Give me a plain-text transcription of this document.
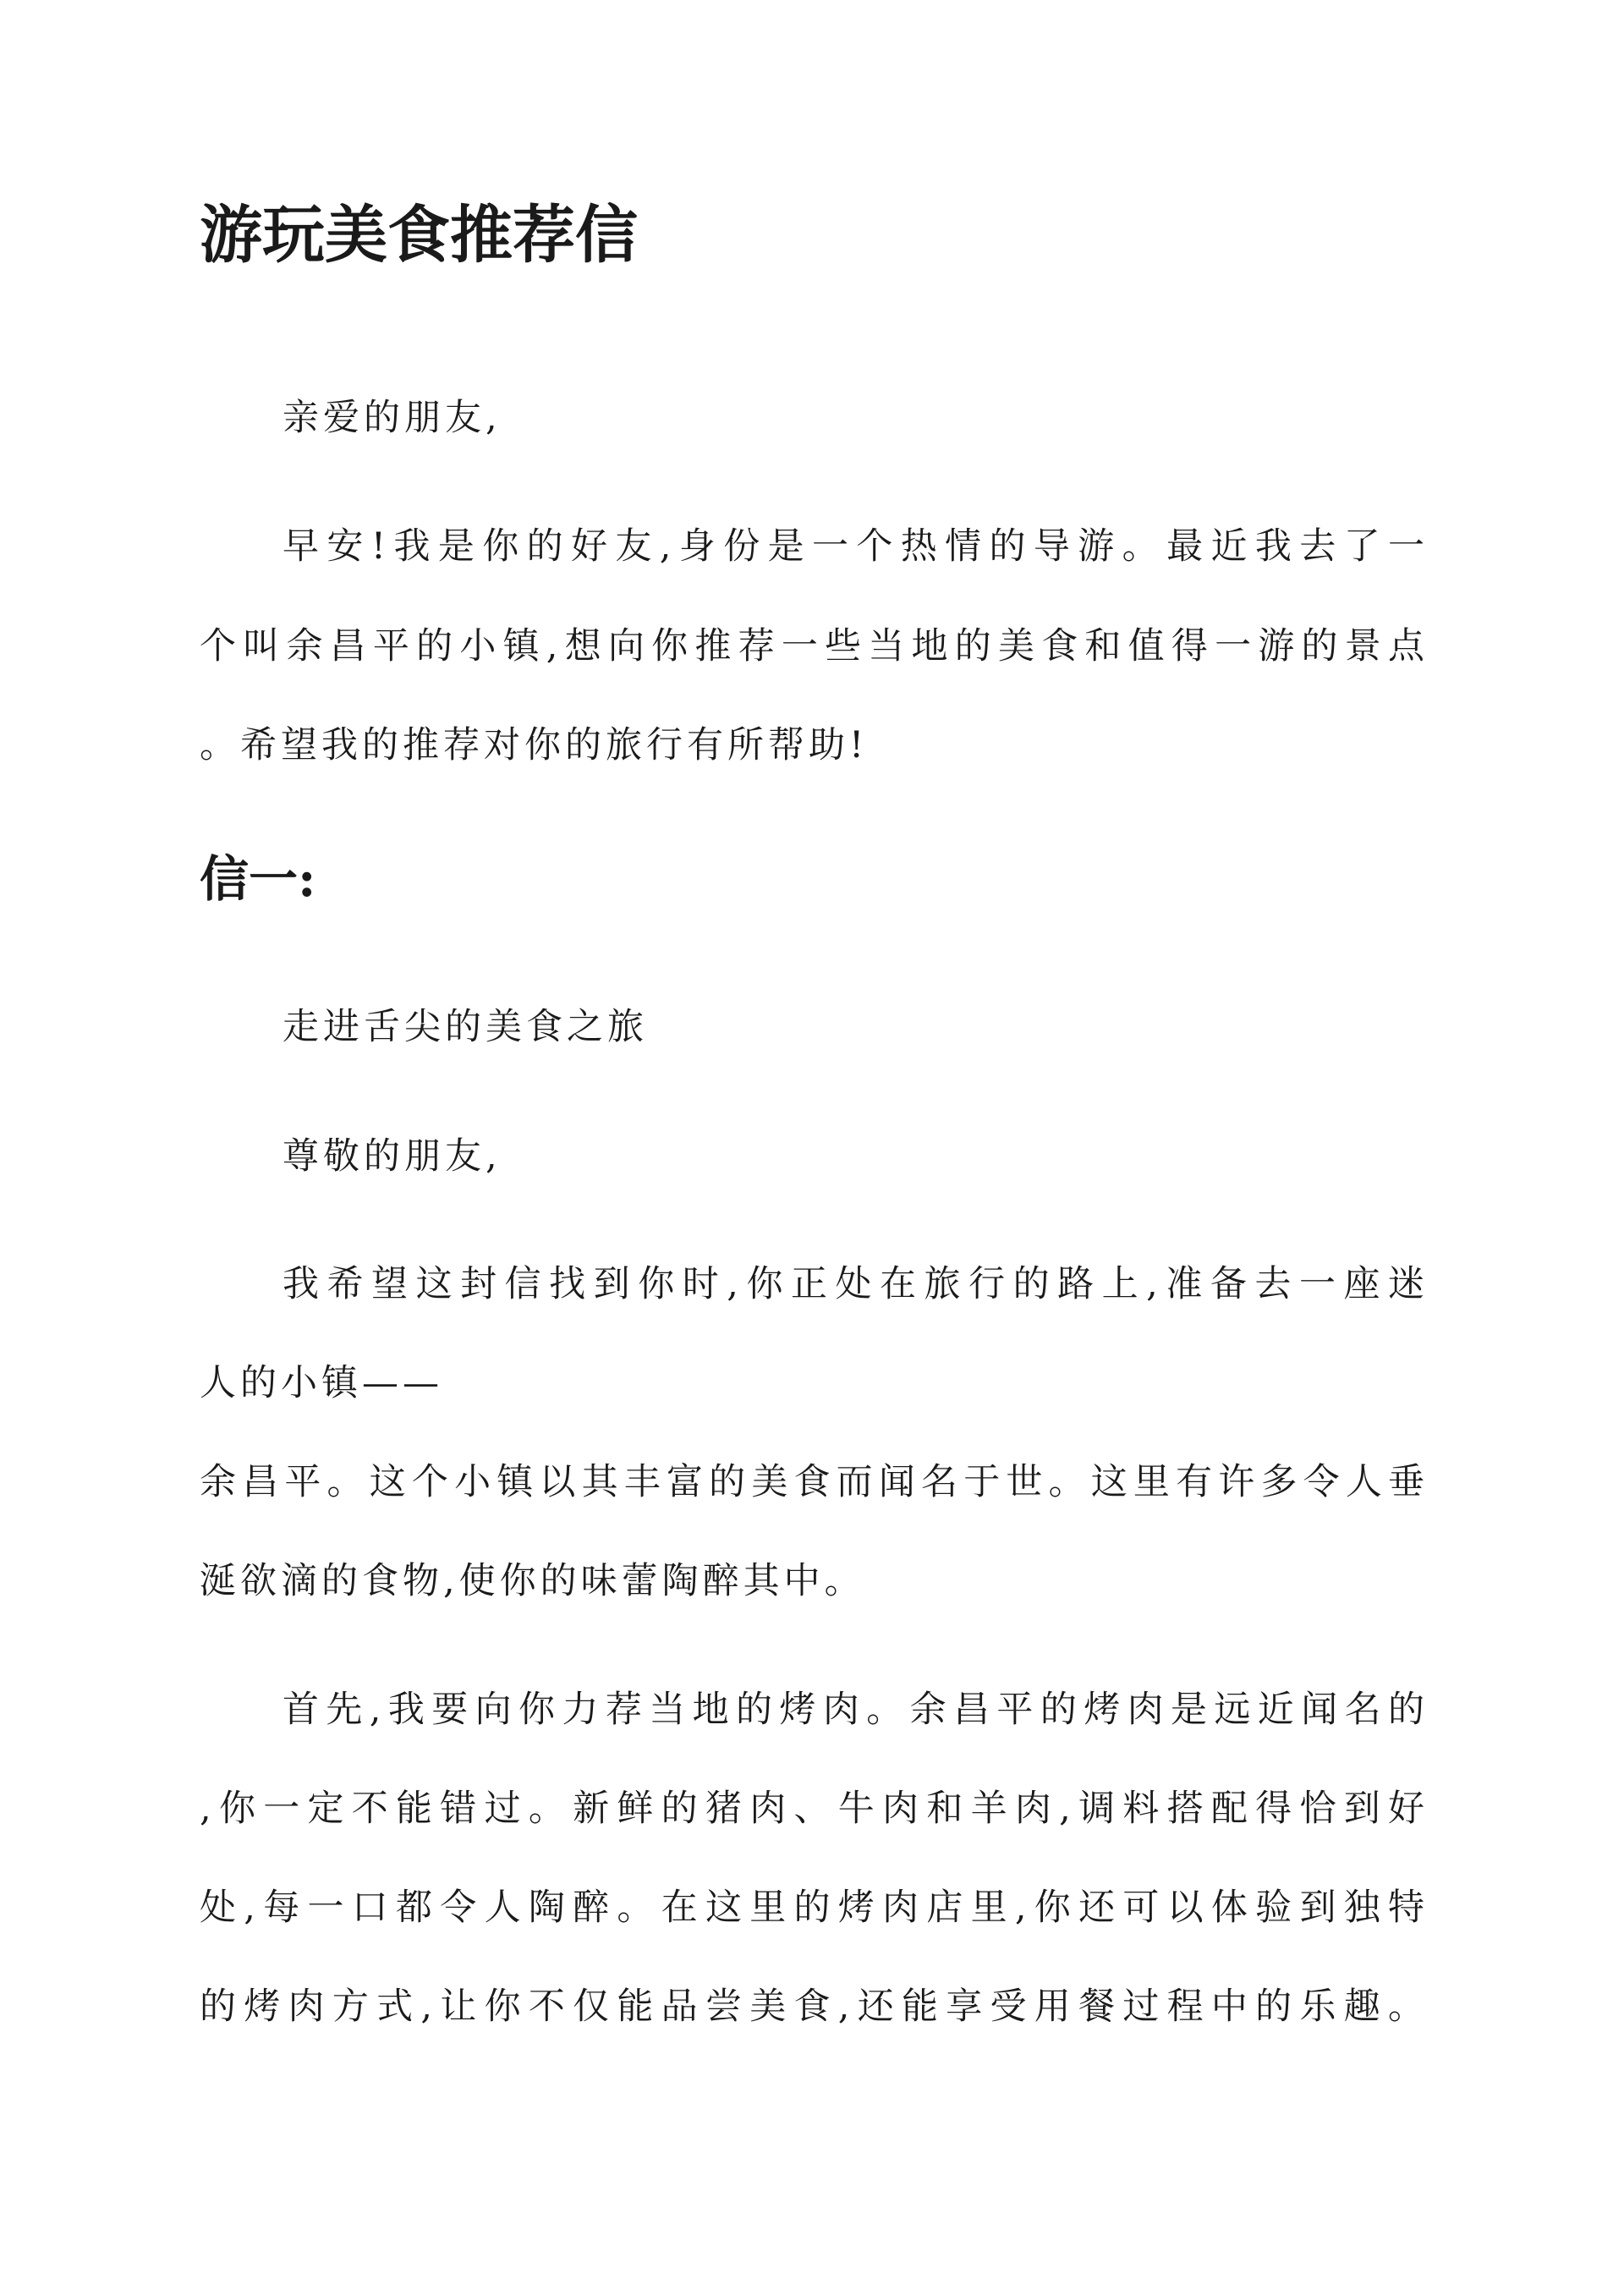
游玩美食推荐信

亲爱的朋友,

早安!我是你的好友,身份是一个热情的导游。最近我去了一

个叫余昌平的小镇,想向你推荐一些当地的美食和值得一游的景点

。希望我的推荐对你的旅行有所帮助!

信一:

走进舌尖的美食之旅

尊敬的朋友,

我希望这封信找到你时,你正处在旅行的路上,准备去一座迷

人的小镇——

余昌平。这个小镇以其丰富的美食而闻名于世。这里有许多令人垂

涎欲滴的食物,使你的味蕾陶醉其中。

首先,我要向你力荐当地的烤肉。余昌平的烤肉是远近闻名的

,你一定不能错过。新鲜的猪肉、牛肉和羊肉,调料搭配得恰到好

处,每一口都令人陶醉。在这里的烤肉店里,你还可以体验到独特

的烤肉方式,让你不仅能品尝美食,还能享受用餐过程中的乐趣。
